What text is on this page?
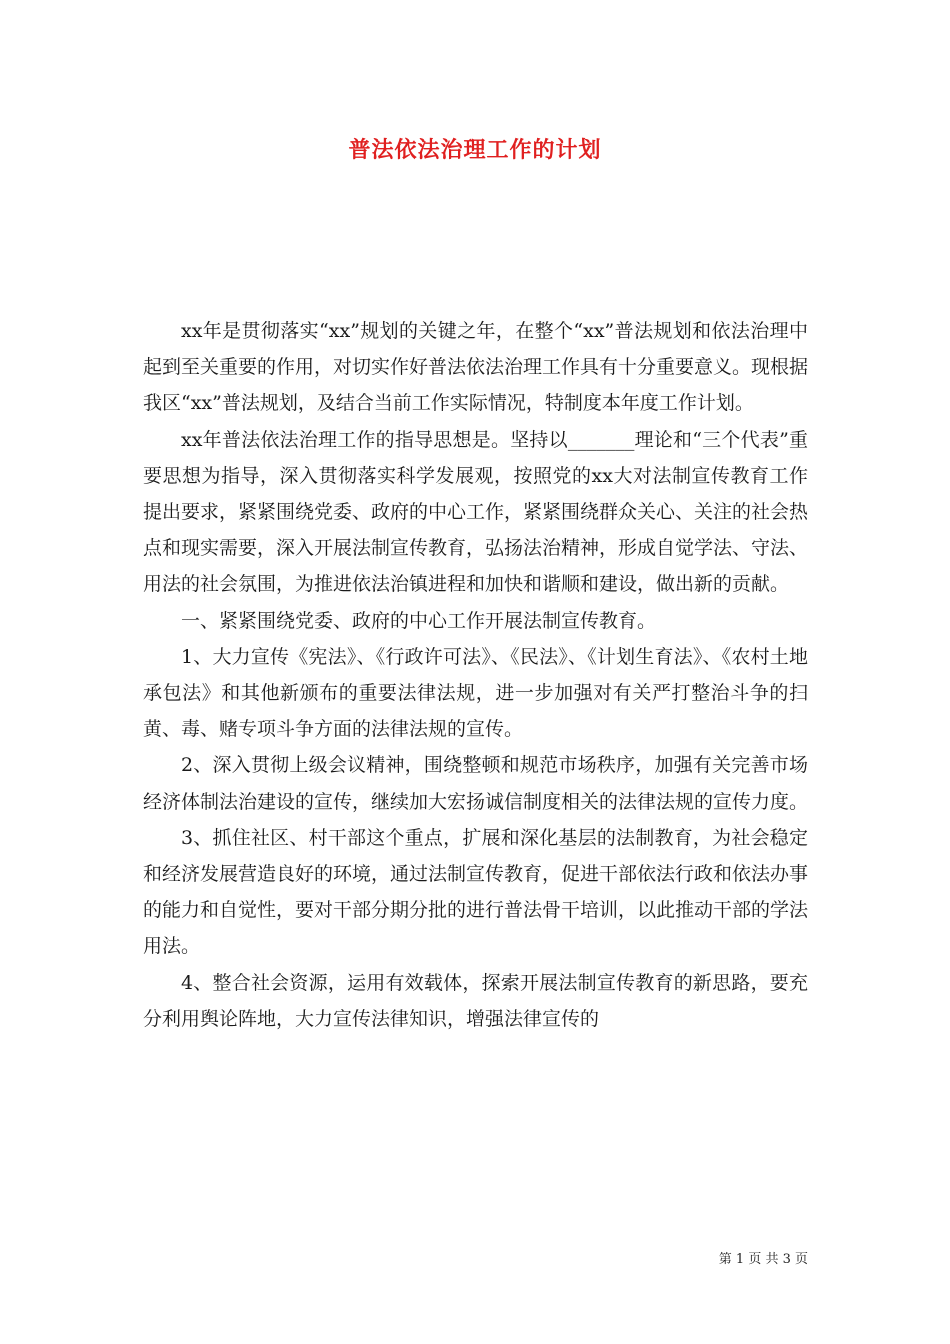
普法依法治理工作的计划

xx年是贯彻落实“xx”规划的关键之年，在整个“xx”普法规划和依法治理中起到至关重要的作用，对切实作好普法依法治理工作具有十分重要意义。现根据我区“xx”普法规划，及结合当前工作实际情况，特制度本年度工作计划。

xx年普法依法治理工作的指导思想是。坚持以_______理论和“三个代表”重要思想为指导，深入贯彻落实科学发展观，按照党的xx大对法制宣传教育工作提出要求，紧紧围绕党委、政府的中心工作，紧紧围绕群众关心、关注的社会热点和现实需要，深入开展法制宣传教育，弘扬法治精神，形成自觉学法、守法、用法的社会氛围，为推进依法治镇进程和加快和谐顺和建设，做出新的贡献。

一、紧紧围绕党委、政府的中心工作开展法制宣传教育。

1、大力宣传《宪法》、《行政许可法》、《民法》、《计划生育法》、《农村土地承包法》和其他新颁布的重要法律法规，进一步加强对有关严打整治斗争的扫黄、毒、赌专项斗争方面的法律法规的宣传。

2、深入贯彻上级会议精神，围绕整顿和规范市场秩序，加强有关完善市场经济体制法治建设的宣传，继续加大宏扬诚信制度相关的法律法规的宣传力度。

3、抓住社区、村干部这个重点，扩展和深化基层的法制教育，为社会稳定和经济发展营造良好的环境，通过法制宣传教育，促进干部依法行政和依法办事的能力和自觉性，要对干部分期分批的进行普法骨干培训，以此推动干部的学法用法。

4、整合社会资源，运用有效载体，探索开展法制宣传教育的新思路，要充分利用舆论阵地，大力宣传法律知识，增强法律宣传的

第 1 页 共 3 页
